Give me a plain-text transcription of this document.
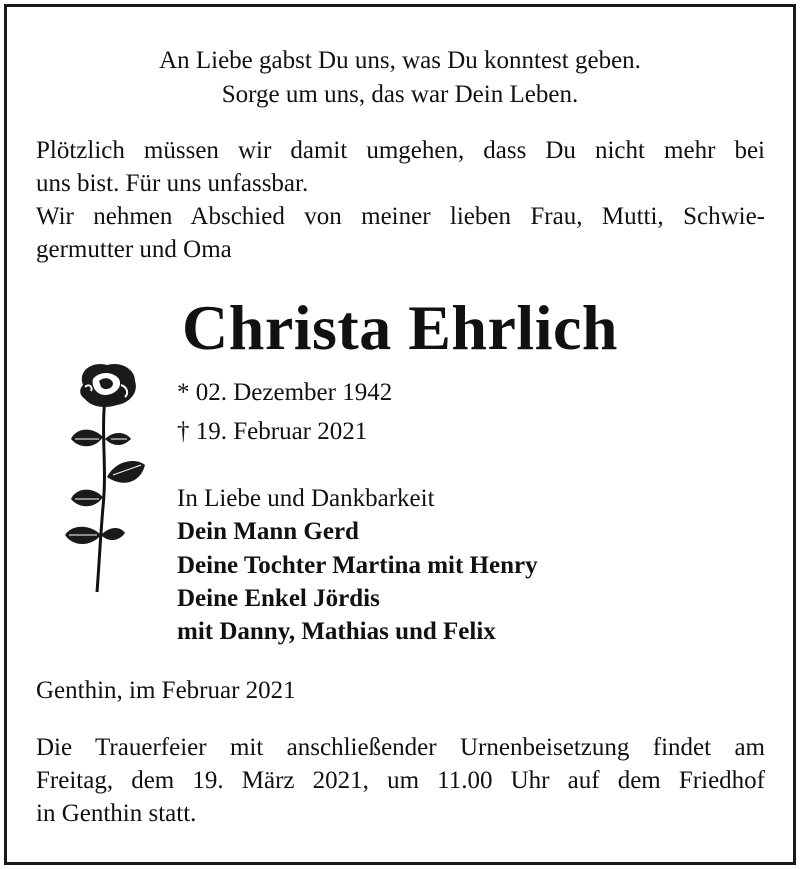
An Liebe gabst Du uns, was Du konntest geben.
Sorge um uns, das war Dein Leben.
Plötzlich müssen wir damit umgehen, dass Du nicht mehr bei
uns bist. Für uns unfassbar.
Wir nehmen Abschied von meiner lieben Frau, Mutti, Schwie-
germutter und Oma
Christa Ehrlich
* 02. Dezember 1942
† 19. Februar 2021
In Liebe und Dankbarkeit
Dein Mann Gerd
Deine Tochter Martina mit Henry
Deine Enkel Jördis
mit Danny, Mathias und Felix
Genthin, im Februar 2021
Die Trauerfeier mit anschließender Urnenbeisetzung findet am
Freitag, dem 19. März 2021, um 11.00 Uhr auf dem Friedhof
in Genthin statt.
